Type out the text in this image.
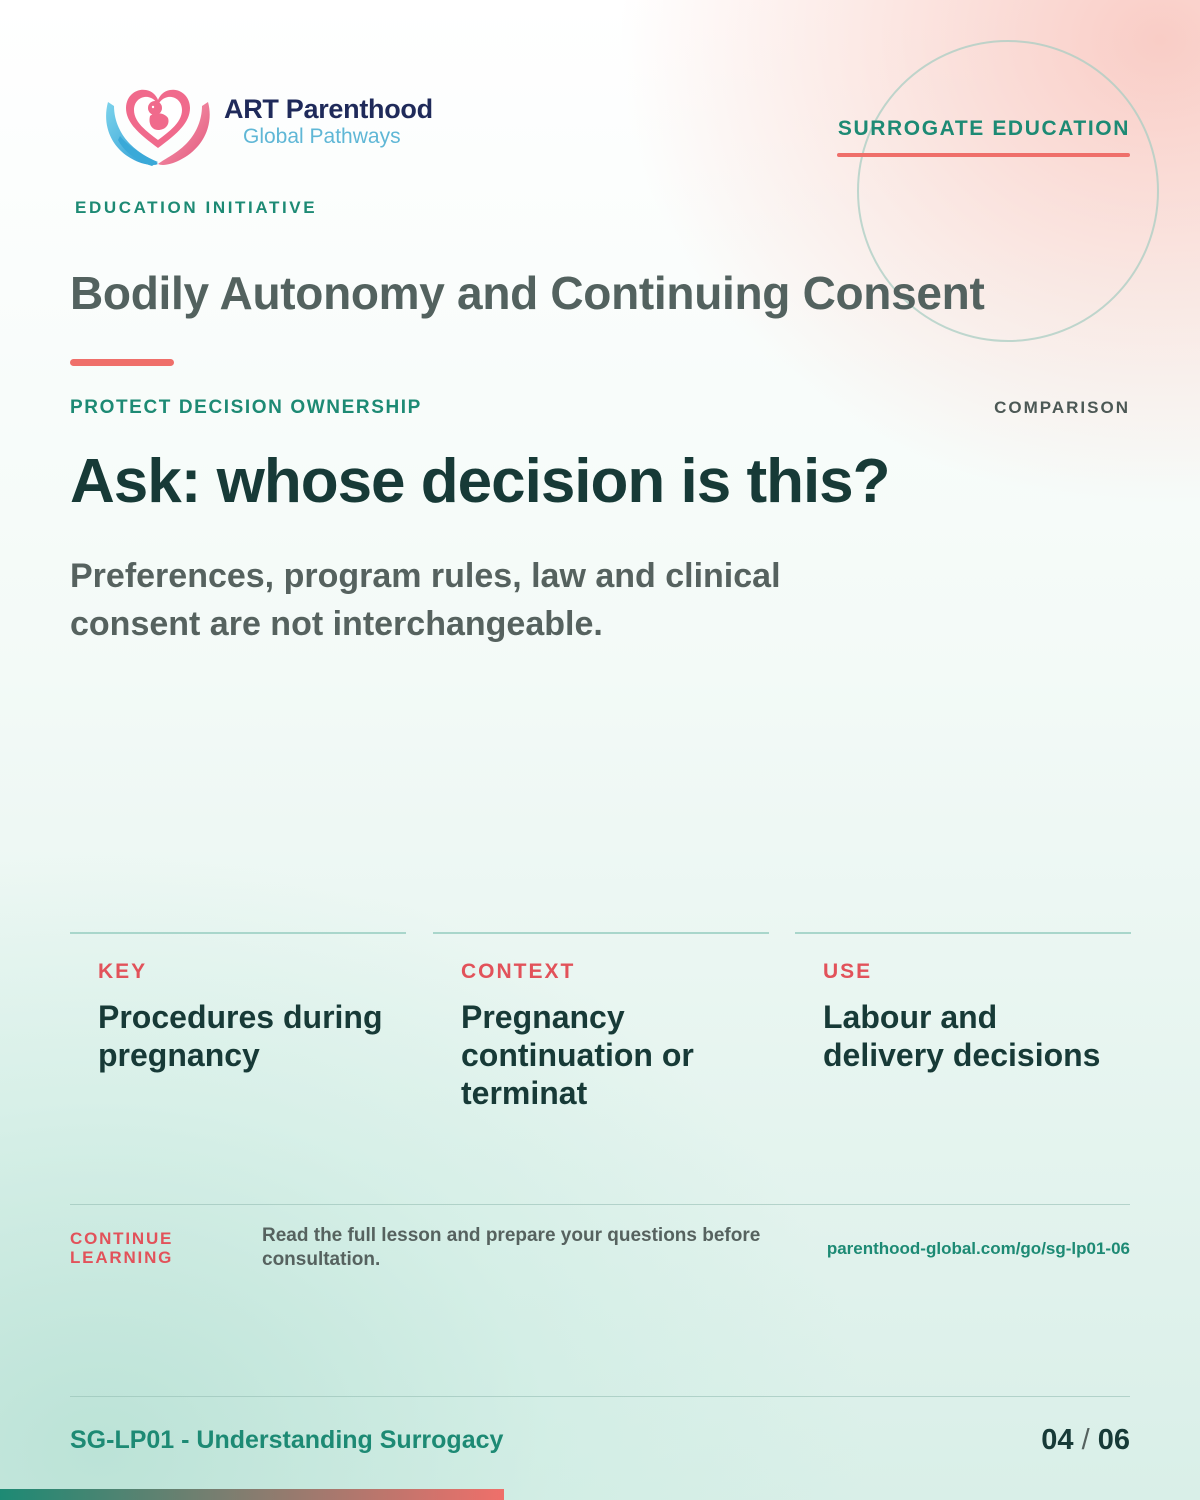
ART Parenthood
Global Pathways
EDUCATION INITIATIVE
SURROGATE EDUCATION
Bodily Autonomy and Continuing Consent
PROTECT DECISION OWNERSHIP	COMPARISON
Ask: whose decision is this?
Preferences, program rules, law and clinical consent are not interchangeable.
KEY
Procedures during pregnancy
CONTEXT
Pregnancy continuation or terminat
USE
Labour and delivery decisions
CONTINUE LEARNING
Read the full lesson and prepare your questions before consultation.
parenthood-global.com/go/sg-lp01-06
SG-LP01 - Understanding Surrogacy	04 / 06
